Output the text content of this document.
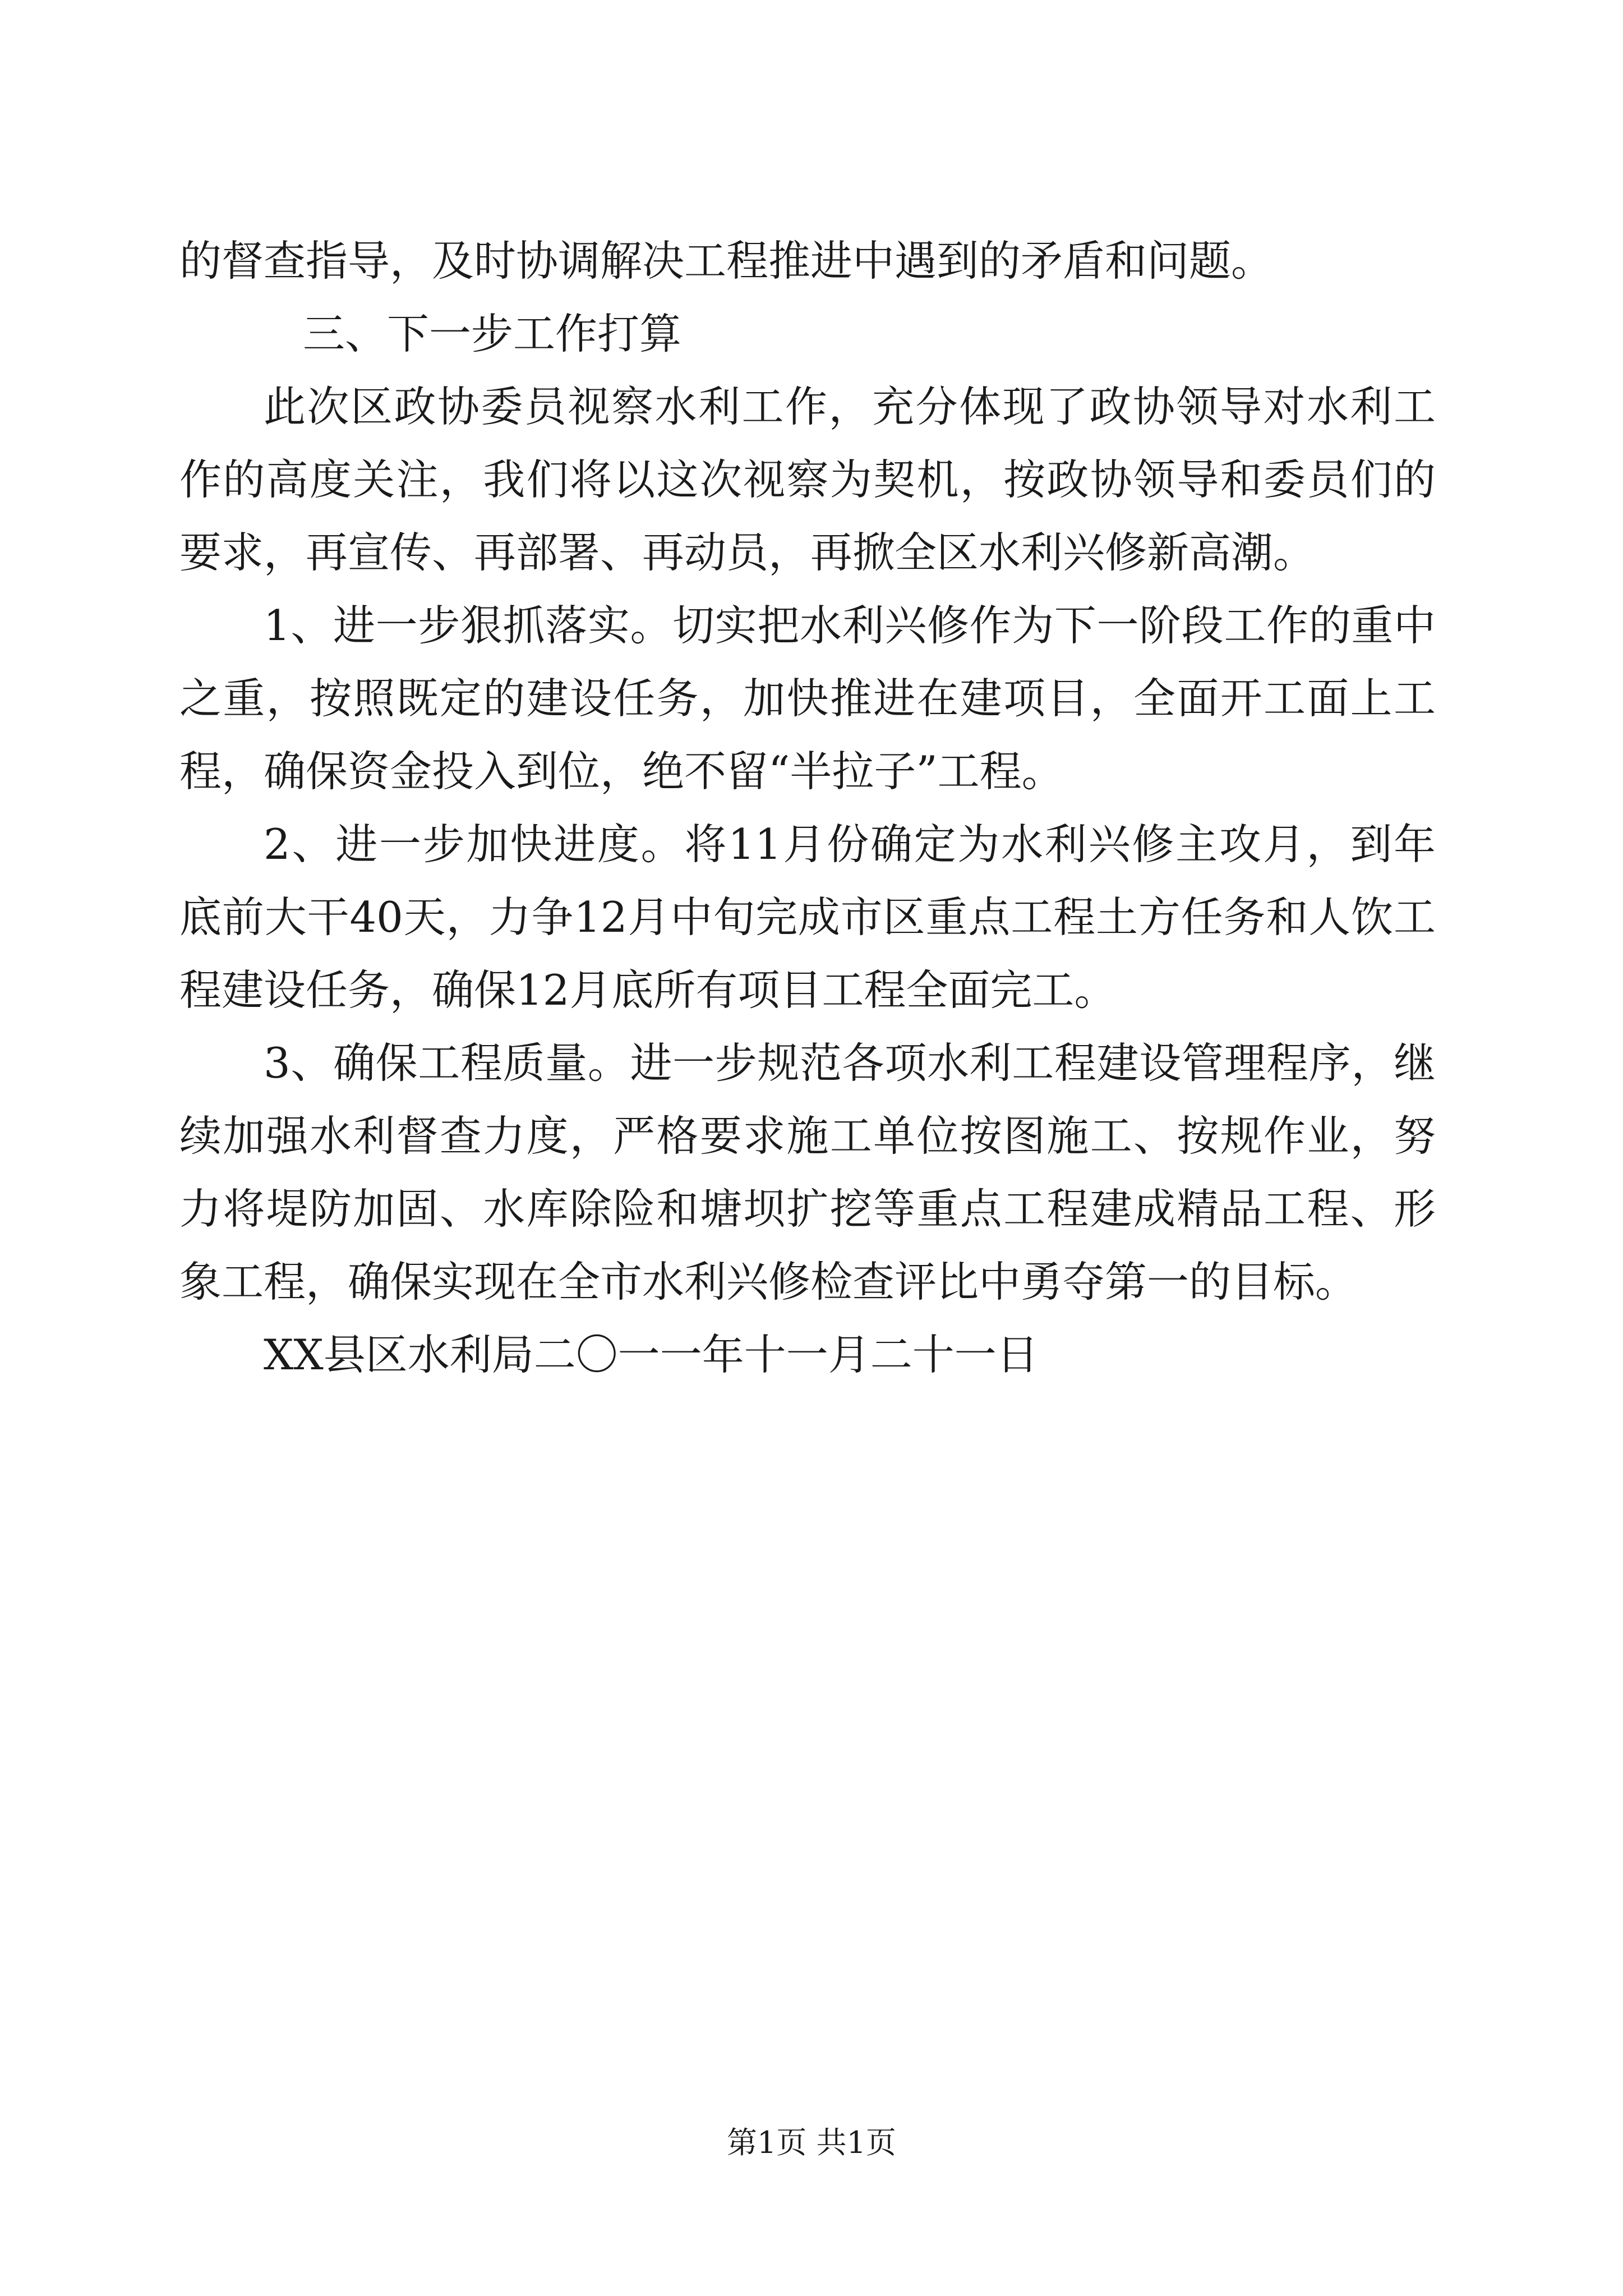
的督查指导，及时协调解决工程推进中遇到的矛盾和问题。

三、下一步工作打算

此次区政协委员视察水利工作，充分体现了政协领导对水利工作的高度关注，我们将以这次视察为契机，按政协领导和委员们的要求，再宣传、再部署、再动员，再掀全区水利兴修新高潮。

1、进一步狠抓落实。切实把水利兴修作为下一阶段工作的重中之重，按照既定的建设任务，加快推进在建项目，全面开工面上工程，确保资金投入到位，绝不留“半拉子”工程。

2、进一步加快进度。将11月份确定为水利兴修主攻月，到年底前大干40天，力争12月中旬完成市区重点工程土方任务和人饮工程建设任务，确保12月底所有项目工程全面完工。

3、确保工程质量。进一步规范各项水利工程建设管理程序，继续加强水利督查力度，严格要求施工单位按图施工、按规作业，努力将堤防加固、水库除险和塘坝扩挖等重点工程建成精品工程、形象工程，确保实现在全市水利兴修检查评比中勇夺第一的目标。

XX县区水利局二〇一一年十一月二十一日

第1页 共1页
